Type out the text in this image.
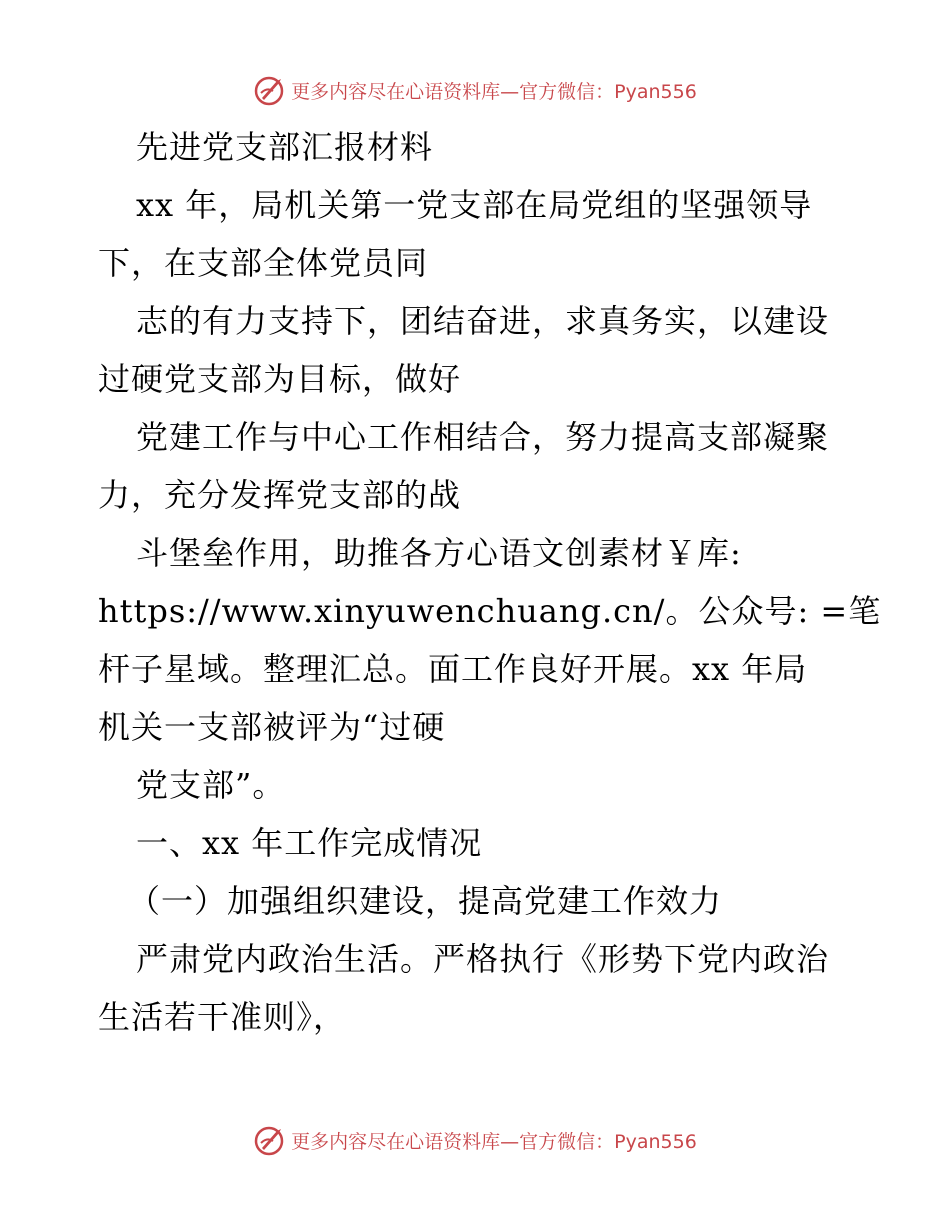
更多内容尽在心语资料库—官方微信：Pyan556
先进党支部汇报材料
xx 年，局机关第一党支部在局党组的坚强领导
下，在支部全体党员同
志的有力支持下，团结奋进，求真务实，以建设
过硬党支部为目标，做好
党建工作与中心工作相结合，努力提高支部凝聚
力，充分发挥党支部的战
斗堡垒作用，助推各方心语文创素材￥库:
https://www.xinyuwenchuang.cn/。公众号: =笔
杆子星域。整理汇总。面工作良好开展。xx 年局
机关一支部被评为“过硬
党支部”。
一、xx 年工作完成情况
（一）加强组织建设，提高党建工作效力
严肃党内政治生活。严格执行《形势下党内政治
生活若干准则》，
更多内容尽在心语资料库—官方微信：Pyan556
